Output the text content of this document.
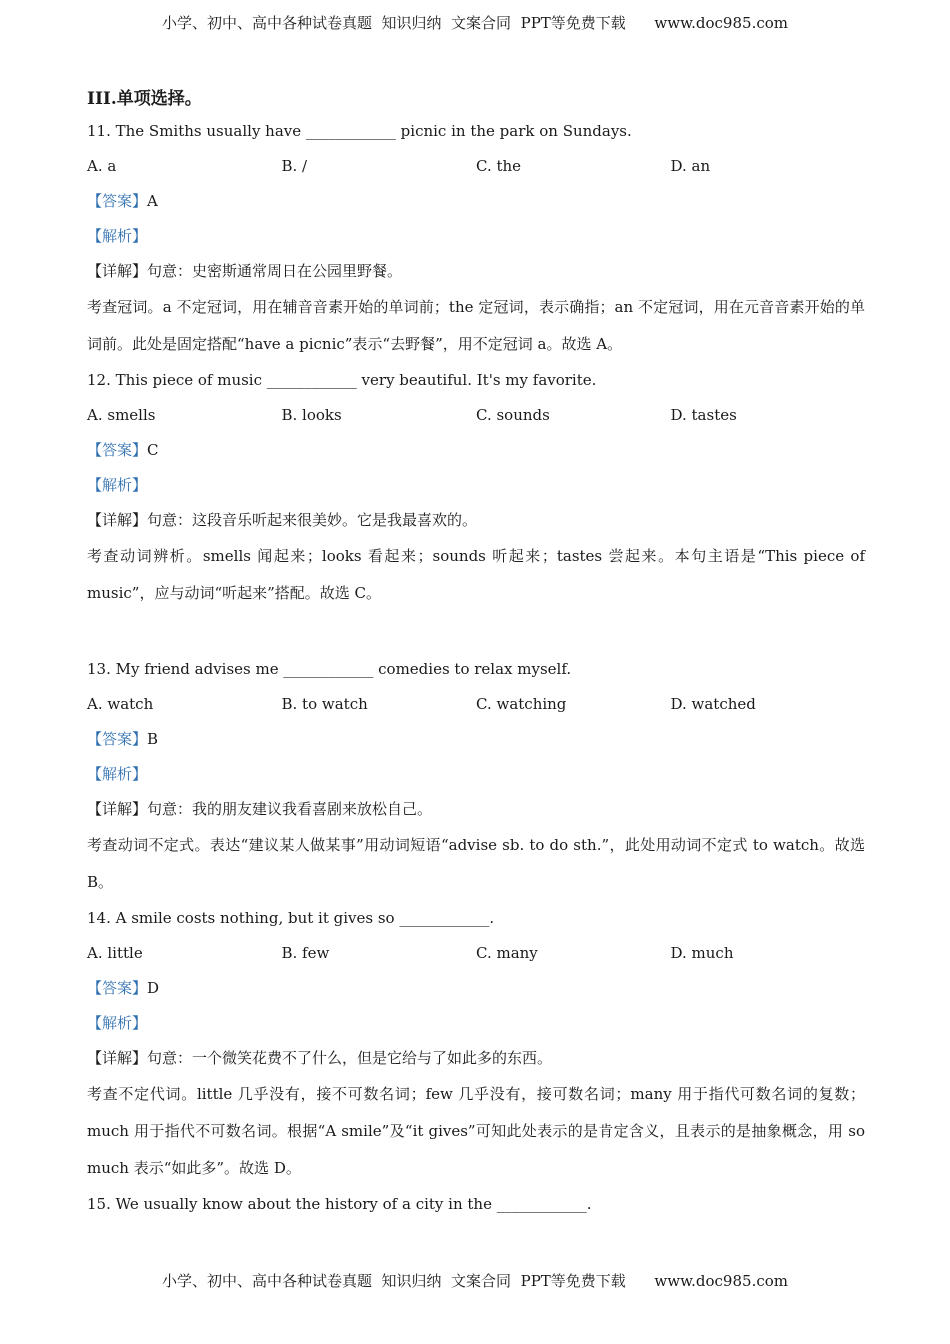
小学、初中、高中各种试卷真题  知识归纳  文案合同  PPT等免费下载      www.doc985.com
III.单项选择。
11. The Smiths usually have ____________ picnic in the park on Sundays.
A. a	B. /	C. the	D. an
【答案】A
【解析】
【详解】句意：史密斯通常周日在公园里野餐。
考查冠词。a 不定冠词，用在辅音音素开始的单词前；the 定冠词，表示确指；an 不定冠词，用在元音音素开始的单词前。此处是固定搭配“have a picnic”表示“去野餐”，用不定冠词 a。故选 A。
12. This piece of music ____________ very beautiful. It's my favorite.
A. smells	B. looks	C. sounds	D. tastes
【答案】C
【解析】
【详解】句意：这段音乐听起来很美妙。它是我最喜欢的。
考查动词辨析。smells 闻起来；looks 看起来；sounds 听起来；tastes 尝起来。本句主语是“This piece of music”，应与动词“听起来”搭配。故选 C。
13. My friend advises me ____________ comedies to relax myself.
A. watch	B. to watch	C. watching	D. watched
【答案】B
【解析】
【详解】句意：我的朋友建议我看喜剧来放松自己。
考查动词不定式。表达“建议某人做某事”用动词短语“advise sb. to do sth.”，此处用动词不定式 to watch。故选 B。
14. A smile costs nothing, but it gives so ____________.
A. little	B. few	C. many	D. much
【答案】D
【解析】
【详解】句意：一个微笑花费不了什么，但是它给与了如此多的东西。
考查不定代词。little 几乎没有，接不可数名词；few 几乎没有，接可数名词；many 用于指代可数名词的复数；much 用于指代不可数名词。根据“A smile”及“it gives”可知此处表示的是肯定含义，且表示的是抽象概念，用 so much 表示“如此多”。故选 D。
15. We usually know about the history of a city in the ____________.
小学、初中、高中各种试卷真题  知识归纳  文案合同  PPT等免费下载      www.doc985.com
